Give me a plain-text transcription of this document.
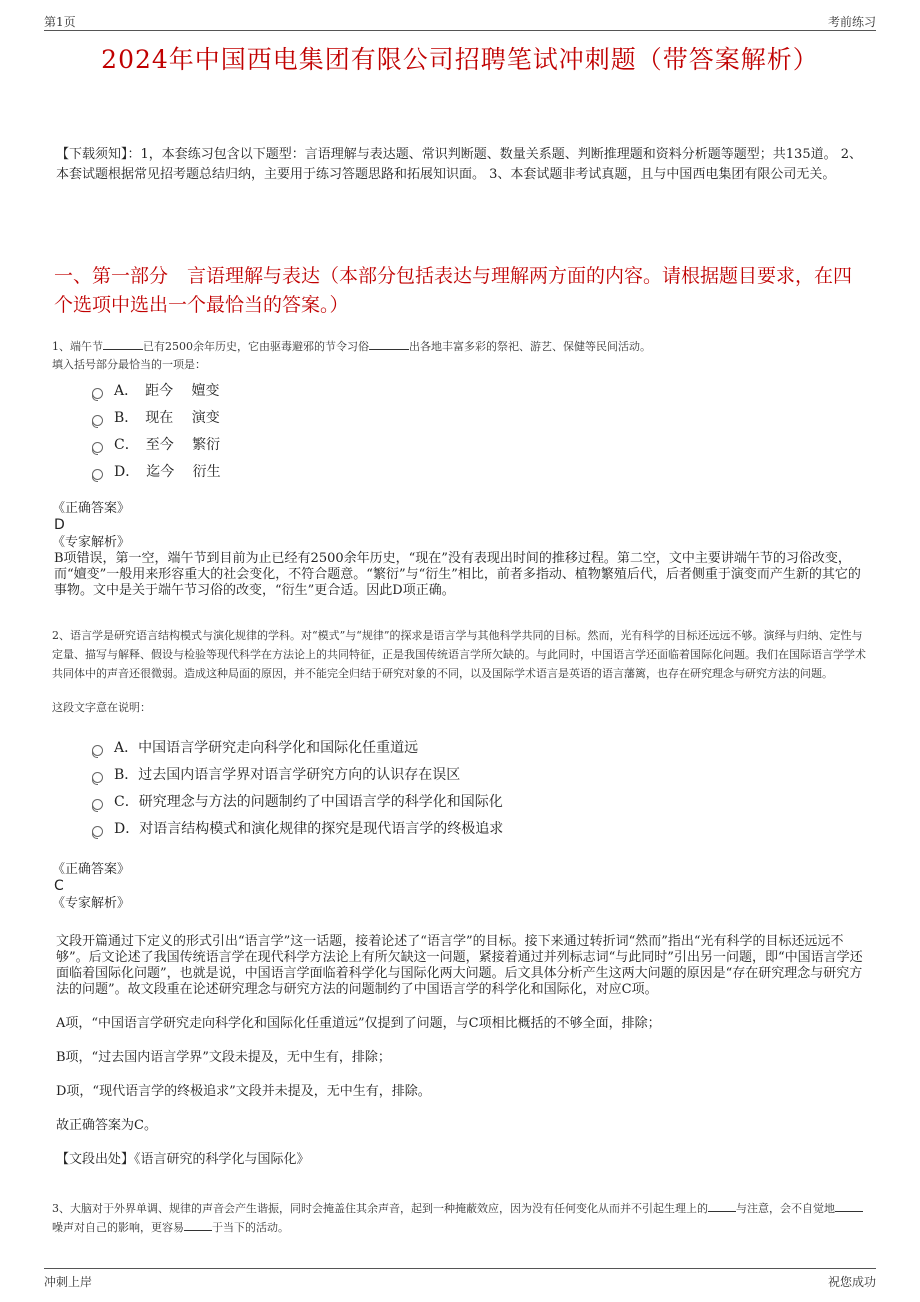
第1页	考前练习
2024年中国西电集团有限公司招聘笔试冲刺题（带答案解析）
【下载须知】：1，本套练习包含以下题型：言语理解与表达题、常识判断题、数量关系题、判断推理题和资料分析题等题型；共135道。 2、本套试题根据常见招考题总结归纳，主要用于练习答题思路和拓展知识面。 3、本套试题非考试真题，且与中国西电集团有限公司无关。
一、第一部分　言语理解与表达（本部分包括表达与理解两方面的内容。请根据题目要求，在四个选项中选出一个最恰当的答案。）
1、端午节	已有2500余年历史，它由驱毒避邪的节令习俗	出各地丰富多彩的祭祀、游艺、保健等民间活动。
填入括号部分最恰当的一项是：
A．　距今　 嬗变
B．　现在　 演变
C．　至今　 繁衍
D．　迄今　 衍生
《正确答案》
D
《专家解析》
B项错误，第一空，端午节到目前为止已经有2500余年历史，“现在”没有表现出时间的推移过程。第二空，文中主要讲端午节的习俗改变，而“嬗变”一般用来形容重大的社会变化，不符合题意。“繁衍”与“衍生”相比，前者多指动、植物繁殖后代，后者侧重于演变而产生新的其它的事物。文中是关于端午节习俗的改变，“衍生”更合适。因此D项正确。
2、语言学是研究语言结构模式与演化规律的学科。对“模式”与“规律”的探求是语言学与其他科学共同的目标。然而，光有科学的目标还远远不够。演绎与归纳、定性与定量、描写与解释、假设与检验等现代科学在方法论上的共同特征，正是我国传统语言学所欠缺的。与此同时，中国语言学还面临着国际化问题。我们在国际语言学学术共同体中的声音还很微弱。造成这种局面的原因，并不能完全归结于研究对象的不同，以及国际学术语言是英语的语言藩篱，也存在研究理念与研究方法的问题。
这段文字意在说明：
A．中国语言学研究走向科学化和国际化任重道远
B．过去国内语言学界对语言学研究方向的认识存在误区
C．研究理念与方法的问题制约了中国语言学的科学化和国际化
D．对语言结构模式和演化规律的探究是现代语言学的终极追求
《正确答案》
C
《专家解析》
文段开篇通过下定义的形式引出“语言学”这一话题，接着论述了“语言学”的目标。接下来通过转折词“然而”指出“光有科学的目标还远远不够”。后文论述了我国传统语言学在现代科学方法论上有所欠缺这一问题，紧接着通过并列标志词“与此同时”引出另一问题，即“中国语言学还面临着国际化问题”，也就是说，中国语言学面临着科学化与国际化两大问题。后文具体分析产生这两大问题的原因是“存在研究理念与研究方法的问题”。故文段重在论述研究理念与研究方法的问题制约了中国语言学的科学化和国际化，对应C项。
A项，“中国语言学研究走向科学化和国际化任重道远”仅提到了问题，与C项相比概括的不够全面，排除；
B项，“过去国内语言学界”文段未提及，无中生有，排除；
D项，“现代语言学的终极追求”文段并未提及，无中生有，排除。
故正确答案为C。
【文段出处】《语言研究的科学化与国际化》
3、大脑对于外界单调、规律的声音会产生谐振，同时会掩盖住其余声音，起到一种掩蔽效应，因为没有任何变化从而并不引起生理上的	与注意，会不自觉地噪声对自己的影响，更容易	于当下的活动。
冲刺上岸	祝您成功
